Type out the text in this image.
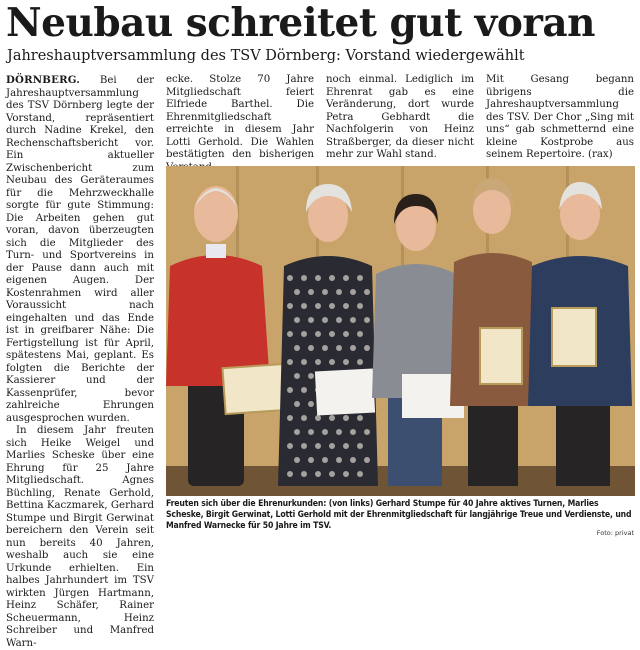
Neubau schreitet gut voran
Jahreshauptversammlung des TSV Dörnberg: Vorstand wiedergewählt

DÖRNBERG. Bei der Jahreshauptversammlung des TSV Dörnberg legte der Vorstand, repräsentiert durch Nadine Krekel, den Rechenschaftsbericht vor. Ein aktueller Zwischenbericht zum Neubau des Geräteraumes für die Mehrzweckhalle sorgte für gute Stimmung: Die Arbeiten gehen gut voran, davon überzeugten sich die Mitglieder des Turn- und Sportvereins in der Pause dann auch mit eigenen Augen. Der Kostenrahmen wird aller Voraussicht nach eingehalten und das Ende ist in greifbarer Nähe: Die Fertigstellung ist für April, spätestens Mai, geplant. Es folgten die Berichte der Kassierer und der Kassenprüfer, bevor zahlreiche Ehrungen ausgesprochen wurden.

In diesem Jahr freuten sich Heike Weigel und Marlies Scheske über eine Ehrung für 25 Jahre Mitgliedschaft. Agnes Büchling, Renate Gerhold, Bettina Kaczmarek, Gerhard Stumpe und Birgit Gerwinat bereichern den Verein seit nun bereits 40 Jahren, weshalb auch sie eine Urkunde erhielten. Ein halbes Jahrhundert im TSV wirkten Jürgen Hartmann, Heinz Schäfer, Rainer Scheuermann, Heinz Schreiber und Manfred Warn-

ecke. Stolze 70 Jahre Mitgliedschaft feiert Elfriede Barthel. Die Ehrenmitgliedschaft erreichte in diesem Jahr Lotti Gerhold. Die Wahlen bestätigten den bisherigen
noch einmal. Lediglich im Ehrenrat gab es eine Veränderung, dort wurde Petra Gebhardt die Nachfolgerin von Heinz Straßberger, da dieser nicht mehr zur Wahl stand.
Mit Gesang begann übrigens die Jahreshauptversammlung des TSV. Der Chor „Sing mit uns“ gab schmetternd eine kleine Kostprobe aus seinem Repertoire. (rax)
Freuten sich über die Ehrenurkunden: (von links) Gerhard Stumpe für 40 Jahre aktives Turnen, Marlies Scheske, Birgit Gerwinat, Lotti Gerhold mit der Ehrenmitgliedschaft für langjährige Treue und Verdienste, und Manfred Warnecke für 50 Jahre im TSV.
Foto: privat
